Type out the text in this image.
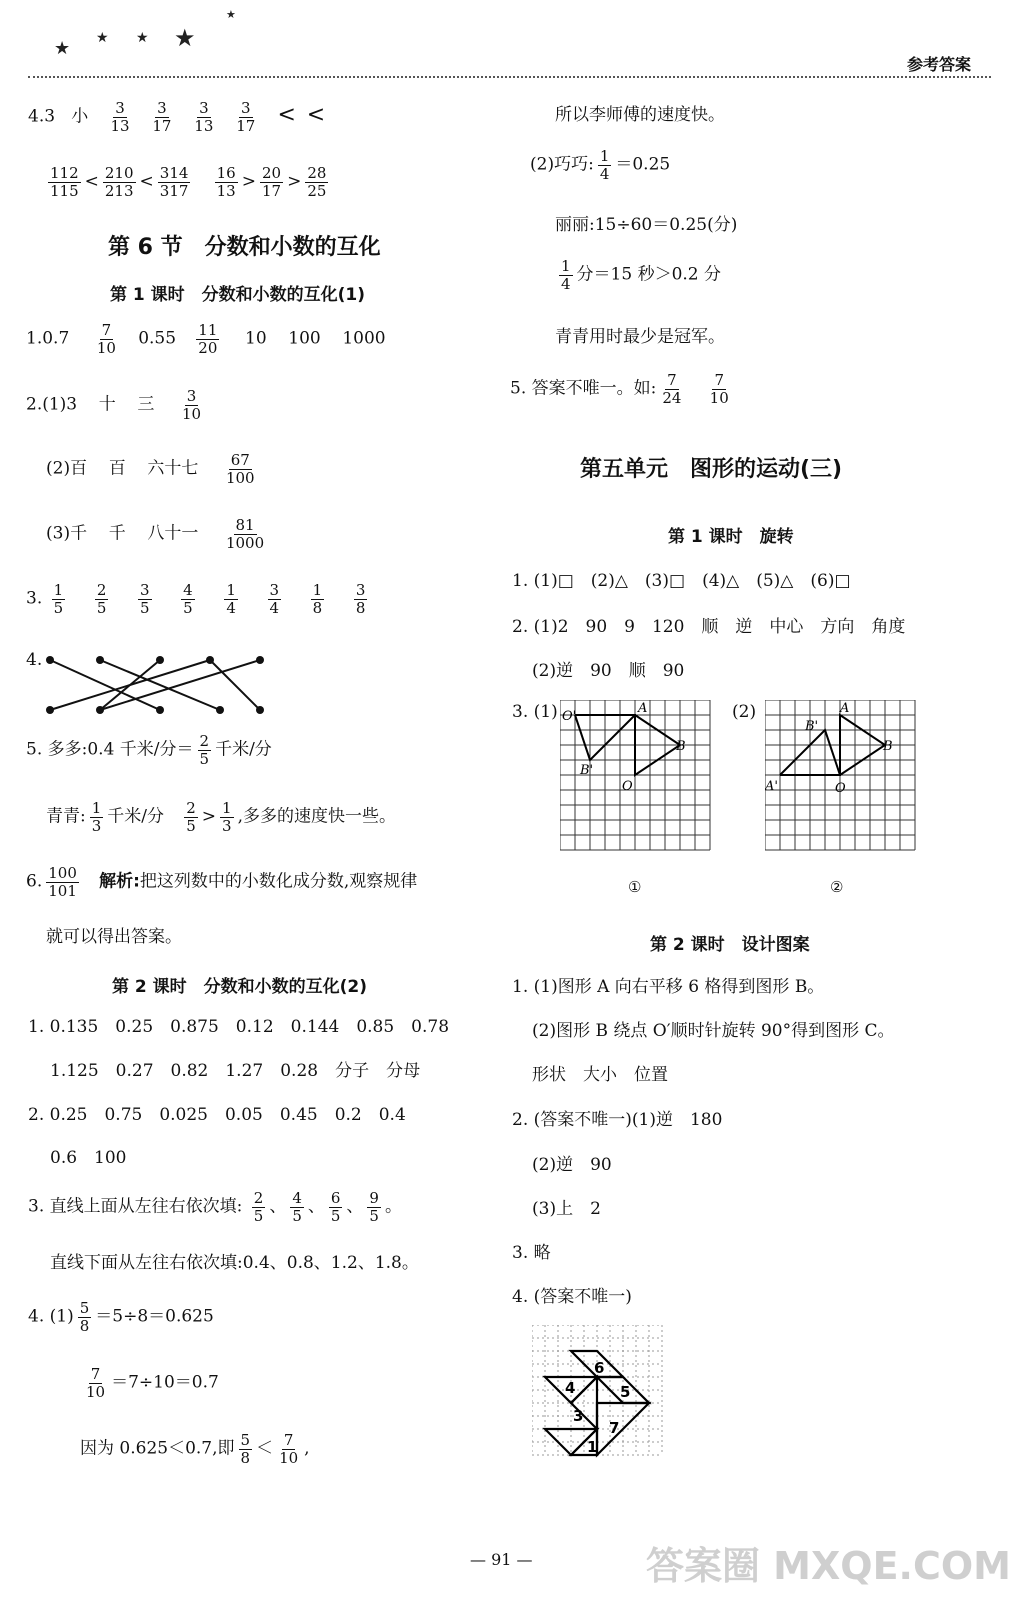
★ ★ ★ ★
★
参考答案
4.3 小 $\frac{3}{13}$
$\frac{3}{17}$
$\frac{3}{13}$
$\frac{3}{17}$ < <
$\frac{112}{115} < \frac{210}{213} < \frac{314}{317}$
$\frac{16}{13} > \frac{20}{17} > \frac{28}{25}$
第 6 节　分数和小数的互化
第 1 课时　分数和小数的互化(1)
$1.0.7 \frac{7}{10} 0.55 \frac{11}{20} 10$ 100 1000
2.(1)3 十 三 $\frac{3}{10}$
(2)百 百 六十七 $\frac{67}{100}$
(3)千 千 八十一 $\frac{81}{1000}$
3. $\frac{1}{5}$
$\frac{2}{5}$
$\frac{3}{5}$
$\frac{4}{5}$
$\frac{1}{4}$
$\frac{3}{4}$
$\frac{1}{8}$
$\frac{3}{8}$
4.
5. 多多:0.4 千米/分＝ $\frac{2}{5}$ 千米/分
青青: $\frac{1}{3}$ 千米/分 $\frac{2}{5} > \frac{1}{3}$ ,多多的速度快一些。
6. $\frac{100}{101}$ 解析:把这列数中的小数化成分数,观察规律
就可以得出答案。
第 2 课时　分数和小数的互化(2)
1. 0.135　0.25　0.875　0.12　0.144　0.85　0.78
1.125　0.27　0.82　1.27　0.28　分子　分母
2. 0.25　0.75　0.025　0.05　0.45　0.2　0.4
0.6　100
3. 直线上面从左往右依次填: $\frac{2}{5}$ 、 $\frac{4}{5}$ 、 $\frac{6}{5}$ 、 $\frac{9}{5}$ 。
直线下面从左往右依次填:0.4、0.8、1.2、1.8。
4. $(1) \frac{5}{8} =5\div 8=0.625$
$\frac{7}{10} =7\div 10=0.7$
因为 0.625＜0.7,即 $\frac{5}{8} < \frac{7}{10}$ ,
所以李师傅的速度快。
(2)巧巧: $\frac{1}{4} =0.25$
丽丽:15÷60＝0.25(分)
$\frac{1}{4}$ 分＝15 秒＞0.2 分
青青用时最少是冠军。
5. 答案不唯一。如: $\frac{7}{24}$
$\frac{7}{10}$
第五单元　图形的运动(三)
第 1 课时　旋转
1. (1)□　(2)△　(3)□　(4)△　(5)△　(6)□
2. (1)2　90　9　120　顺　逆　中心　方向　角度
(2)逆　90　顺　90
3. (1)	(2)
O'
A
B
B'
O
①
B'
A
B
A'	O
②
第 2 课时　设计图案
1. (1)图形 A 向右平移 6 格得到图形 B。
(2)图形 B 绕点 O′顺时针旋转 90°得到图形 C。
形状　大小　位置
2. (答案不唯一)(1)逆　180
(2)逆　90
(3)上　2
3. 略
4. (答案不唯一)
6
4	5
3
7
1
— 91 —	答案圈 MXQE.COM
